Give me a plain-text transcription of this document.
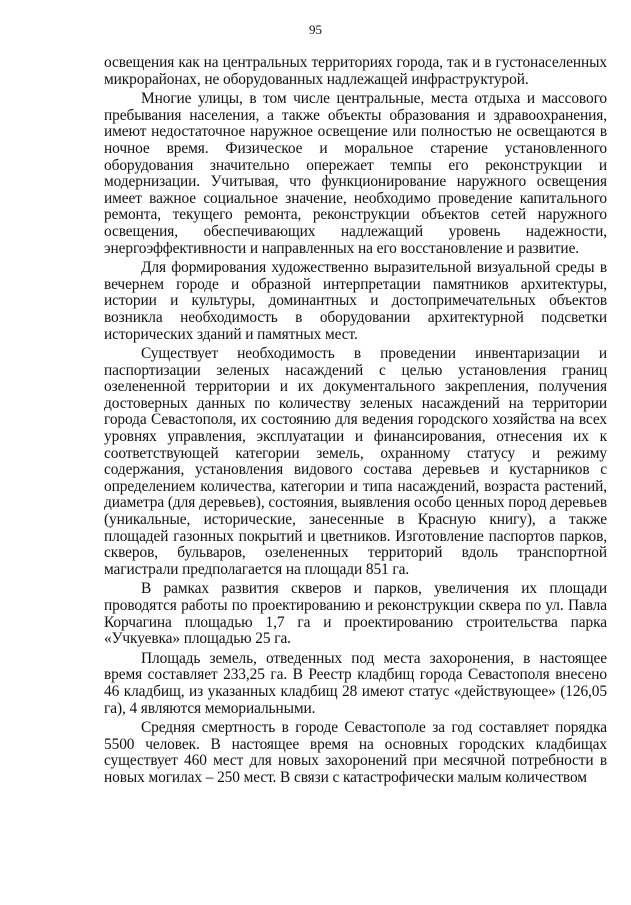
95

освещения как на центральных территориях города, так и в густонаселенных микрорайонах, не оборудованных надлежащей инфраструктурой.

Многие улицы, в том числе центральные, места отдыха и массового пребывания населения, а также объекты образования и здравоохранения, имеют недостаточное наружное освещение или полностью не освещаются в ночное время. Физическое и моральное старение установленного оборудования значительно опережает темпы его реконструкции и модернизации. Учитывая, что функционирование наружного освещения имеет важное социальное значение, необходимо проведение капитального ремонта, текущего ремонта, реконструкции объектов сетей наружного освещения, обеспечивающих надлежащий уровень надежности, энергоэффективности и направленных на его восстановление и развитие.

Для формирования художественно выразительной визуальной среды в вечернем городе и образной интерпретации памятников архитектуры, истории и культуры, доминантных и достопримечательных объектов возникла необходимость в оборудовании архитектурной подсветки исторических зданий и памятных мест.

Существует необходимость в проведении инвентаризации и паспортизации зеленых насаждений с целью установления границ озелененной территории и их документального закрепления, получения достоверных данных по количеству зеленых насаждений на территории города Севастополя, их состоянию для ведения городского хозяйства на всех уровнях управления, эксплуатации и финансирования, отнесения их к соответствующей категории земель, охранному статусу и режиму содержания, установления видового состава деревьев и кустарников с определением количества, категории и типа насаждений, возраста растений, диаметра (для деревьев), состояния, выявления особо ценных пород деревьев (уникальные, исторические, занесенные в Красную книгу), а также площадей газонных покрытий и цветников. Изготовление паспортов парков, скверов, бульваров, озелененных территорий вдоль транспортной магистрали предполагается на площади 851 га.

В рамках развития скверов и парков, увеличения их площади проводятся работы по проектированию и реконструкции сквера по ул. Павла Корчагина площадью 1,7 га и проектированию строительства парка «Учкуевка» площадью 25 га.

Площадь земель, отведенных под места захоронения, в настоящее время составляет 233,25 га. В Реестр кладбищ города Севастополя внесено 46 кладбищ, из указанных кладбищ 28 имеют статус «действующее» (126,05 га), 4 являются мемориальными.

Средняя смертность в городе Севастополе за год составляет порядка 5500 человек. В настоящее время на основных городских кладбищах существует 460 мест для новых захоронений при месячной потребности в новых могилах – 250 мест. В связи с катастрофически малым количеством
